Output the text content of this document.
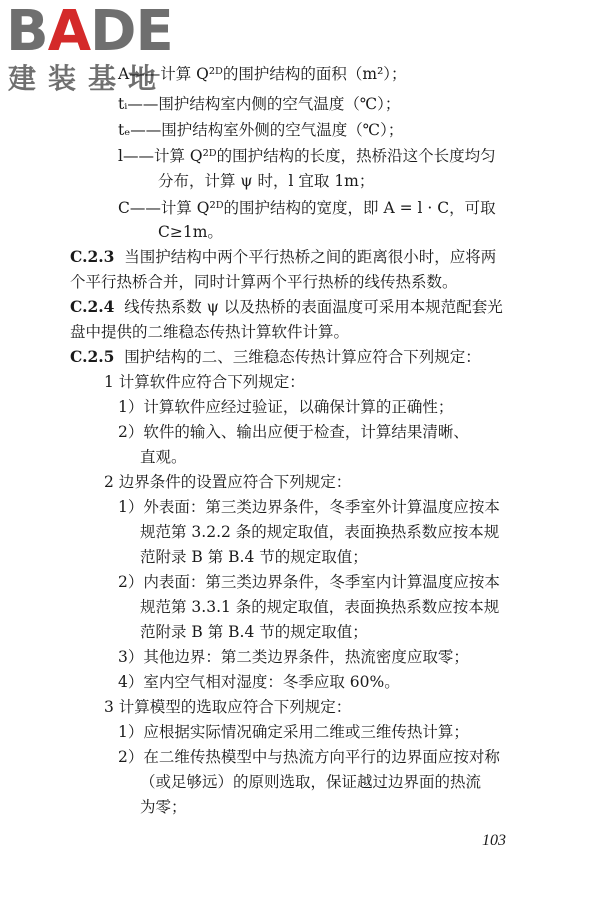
BADE
建装基地
A——计算 Q²ᴰ的围护结构的面积（m²）；
tᵢ——围护结构室内侧的空气温度（℃）；
tₑ——围护结构室外侧的空气温度（℃）；
l——计算 Q²ᴰ的围护结构的长度，热桥沿这个长度均匀
分布，计算 ψ 时，l 宜取 1m；
C——计算 Q²ᴰ的围护结构的宽度，即 A = l · C，可取
C≥1m。
C.2.3 当围护结构中两个平行热桥之间的距离很小时，应将两
个平行热桥合并，同时计算两个平行热桥的线传热系数。
C.2.4 线传热系数 ψ 以及热桥的表面温度可采用本规范配套光
盘中提供的二维稳态传热计算软件计算。
C.2.5 围护结构的二、三维稳态传热计算应符合下列规定：
1 计算软件应符合下列规定：
1）计算软件应经过验证，以确保计算的正确性；
2）软件的输入、输出应便于检查，计算结果清晰、
直观。
2 边界条件的设置应符合下列规定：
1）外表面：第三类边界条件，冬季室外计算温度应按本
规范第 3.2.2 条的规定取值，表面换热系数应按本规
范附录 B 第 B.4 节的规定取值；
2）内表面：第三类边界条件，冬季室内计算温度应按本
规范第 3.3.1 条的规定取值，表面换热系数应按本规
范附录 B 第 B.4 节的规定取值；
3）其他边界：第二类边界条件，热流密度应取零；
4）室内空气相对湿度：冬季应取 60%。
3 计算模型的选取应符合下列规定：
1）应根据实际情况确定采用二维或三维传热计算；
2）在二维传热模型中与热流方向平行的边界面应按对称
（或足够远）的原则选取，保证越过边界面的热流
为零；
103
